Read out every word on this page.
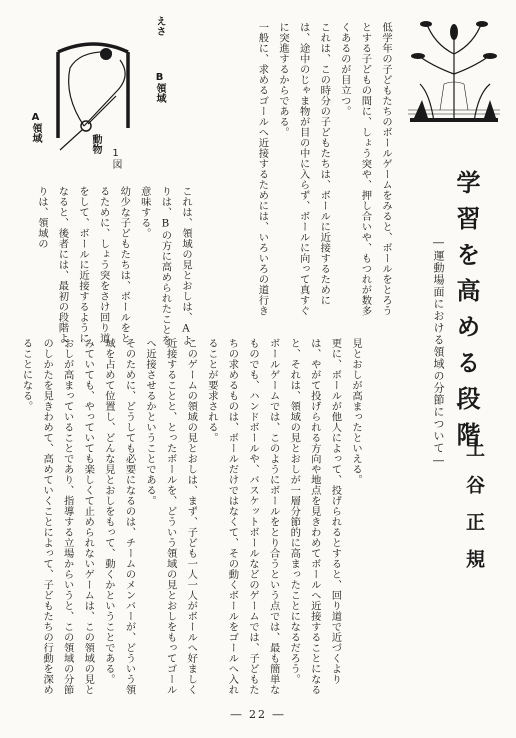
えさ
B領域
A領域
動物
1図
学習を高める段階
―運動場面における領域の分節について―
土谷正規

低学年の子どもたちのボールゲームをみると、ボールをとろうとする子どもの間に、しょう突や、押し合いや、もつれが数多くあるのが目立つ。

これは、この時分の子どもたちは、ボールに近接するためには、途中のじゃま物が目の中に入らず、ボールに向って真すぐに突進するからである。

一般に、求めるゴールへ近接するためには、いろいろの道行き

これは、領域の見とおしは、Aよりは、Bの方に高められたことを意味する。

幼少な子どもたちは、ボールをとるために、しょう突をさけ回り道をして、ボールに近接するようになると、後者には、最初の段階よりは、領域の

見とおしが高まったといえる。

更に、ボールが他人によって、投げられるとすると、回り道で近づくよりは、やがて投げられる方向や地点を見きわめてボールへ近接することになると、それは、領域の見とおしが一層分節的に高まったことになるだろう。

ボールゲームでは、このようにボールをとり合うという点では、最も簡単なものでも、ハンドボールや、バスケットボールなどのゲームでは、子どもたちの求めるものは、ボールだけではなくて、その動くボールをゴールへ入れることが要求される。

このゲームの領域の見とおしは、まず、子ども一人一人がボールへ好ましく近接することと、とったボールを、どういう領域の見とおしをもってゴールへ近接させるかということである。

そのために、どうしても必要になるのは、チームのメンバーが、どういう領域を占めて位置し、どんな見とおしをもって、動くかということである。

みていても、やっていても楽しくて止められないゲームは、この領域の見とおしが高まっていることであり、指導する立場からいうと、この領域の分節のしかたを見きわめて、高めていくことによって、子どもたちの行動を深めることになる。

― 22 ―
